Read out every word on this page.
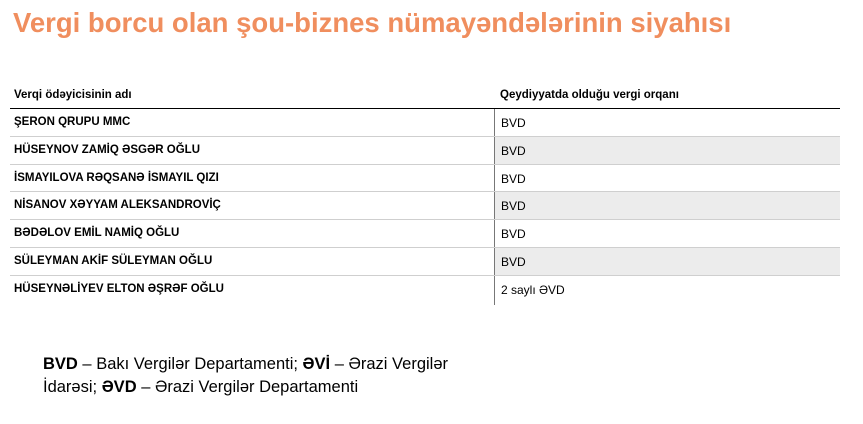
Vergi borcu olan şou-biznes nümayəndələrinin siyahısı
Verqi ödəyicisinin adı	Qeydiyyatda olduğu vergi orqanı
ŞERON QRUPU MMC	BVD
HÜSEYNOV ZAMİQ ƏSGƏR OĞLU	BVD
İSMAYILOVA RƏQSANƏ İSMAYIL QIZI	BVD
NİSANOV XƏYYAM ALEKSANDROVİÇ	BVD
BƏDƏLOV EMİL NAMİQ OĞLU	BVD
SÜLEYMAN AKİF SÜLEYMAN OĞLU	BVD
HÜSEYNƏLİYEV ELTON ƏŞRƏF OĞLU	2 saylı ƏVD
BVD – Bakı Vergilər Departamenti; ƏVİ – Ərazi Vergilər
İdarəsi; ƏVD – Ərazi Vergilər Departamenti
